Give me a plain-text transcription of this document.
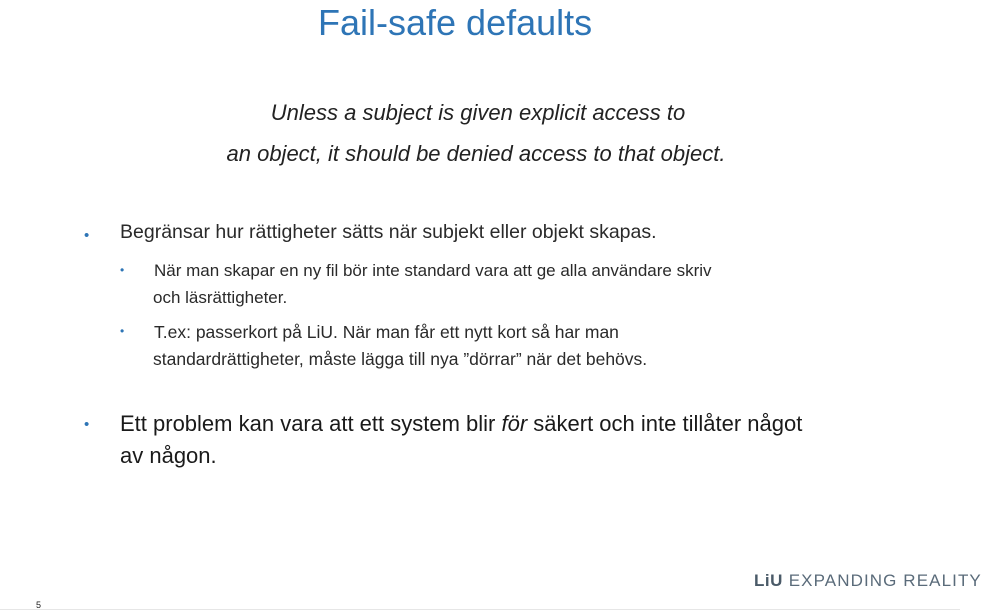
Fail-safe defaults
Unless a subject is given explicit access to
an object, it should be denied access to that object.
• Begränsar hur rättigheter sätts när subjekt eller objekt skapas.
• När man skapar en ny fil bör inte standard vara att ge alla användare skriv
och läsrättigheter.
• T.ex: passerkort på LiU. När man får ett nytt kort så har man
standardrättigheter, måste lägga till nya ”dörrar” när det behövs.
• Ett problem kan vara att ett system blir för säkert och inte tillåter något
av någon.
LiU EXPANDING REALITY
5
